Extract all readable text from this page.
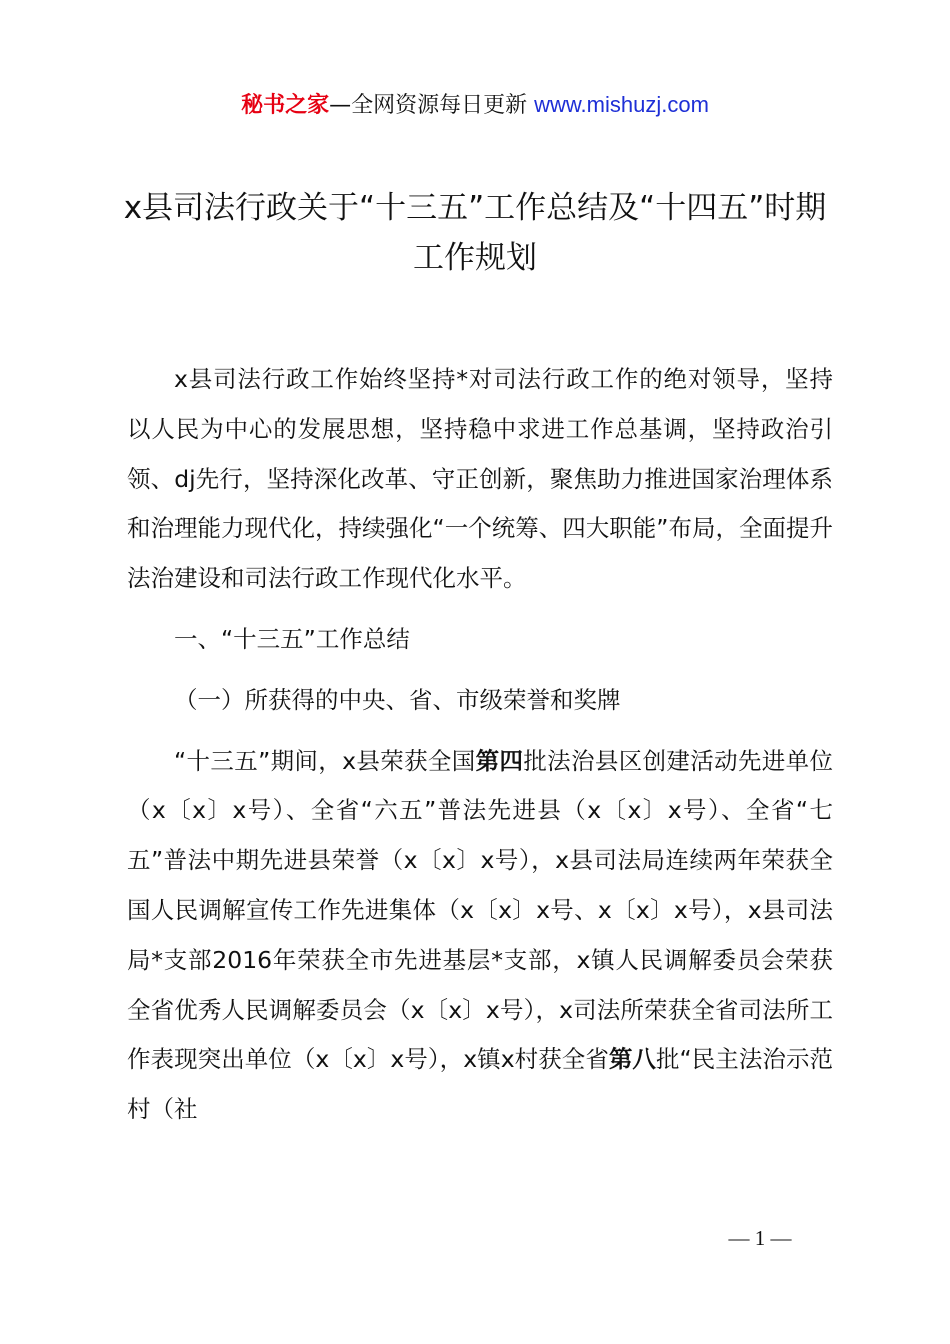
秘书之家—全网资源每日更新 www.mishuzj.com
x县司法行政关于“十三五”工作总结及“十四五”时期工作规划

x县司法行政工作始终坚持*对司法行政工作的绝对领导，坚持以人民为中心的发展思想，坚持稳中求进工作总基调，坚持政治引领、dj先行，坚持深化改革、守正创新，聚焦助力推进国家治理体系和治理能力现代化，持续强化“一个统筹、四大职能”布局，全面提升法治建设和司法行政工作现代化水平。

一、“十三五”工作总结

（一）所获得的中央、省、市级荣誉和奖牌

“十三五”期间，x县荣获全国第四批法治县区创建活动先进单位（x〔x〕x号）、全省“六五”普法先进县（x〔x〕x号）、全省“七五”普法中期先进县荣誉（x〔x〕x号），x县司法局连续两年荣获全国人民调解宣传工作先进集体（x〔x〕x号、x〔x〕x号），x县司法局*支部2016年荣获全市先进基层*支部，x镇人民调解委员会荣获全省优秀人民调解委员会（x〔x〕x号），x司法所荣获全省司法所工作表现突出单位（x〔x〕x号），x镇x村获全省第八批“民主法治示范村（社

— 1 —
